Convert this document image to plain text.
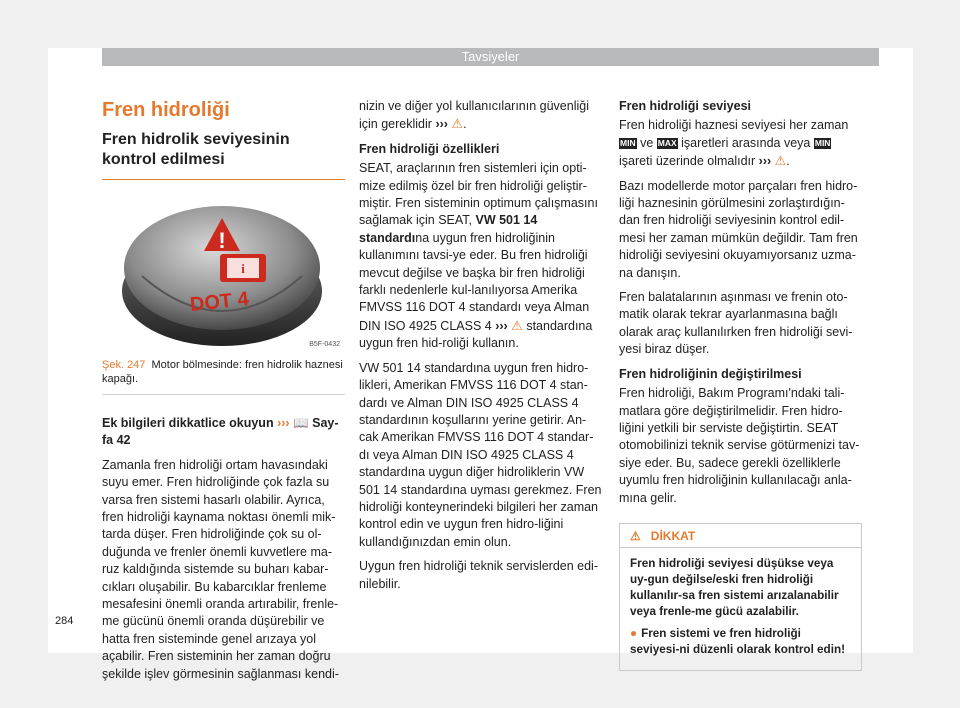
Tavsiyeler
Fren hidroliği
Fren hidrolik seviyesinin kontrol edilmesi
!
i
DOT 4
B5F-0432
Şek. 247 Motor bölmesinde: fren hidrolik haznesi kapağı.

Ek bilgileri dikkatlice okuyun ››› 📖 Say-fa 42

Zamanla fren hidroliği ortam havasındaki suyu emer. Fren hidroliğinde çok fazla su varsa fren sistemi hasarlı olabilir. Ayrıca, fren hidroliği kaynama noktası önemli mik-tarda düşer. Fren hidroliğinde çok su ol-duğunda ve frenler önemli kuvvetlere ma-ruz kaldığında sistemde su buharı kabar-cıkları oluşabilir. Bu kabarcıklar frenleme mesafesini önemli oranda artırabilir, frenle-me gücünü önemli oranda düşürebilir ve hatta fren sisteminde genel arızaya yol açabilir. Fren sisteminin her zaman doğru şekilde işlev görmesinin sağlanması kendi-

nizin ve diğer yol kullanıcılarının güvenliği için gereklidir ››› ⚠.

Fren hidroliği özellikleri

SEAT, araçlarının fren sistemleri için opti-mize edilmiş özel bir fren hidroliği geliştir-miştir. Fren sisteminin optimum çalışmasını sağlamak için SEAT, VW 501 14 standardına uygun fren hidroliğinin kullanımını tavsi-ye eder. Bu fren hidroliği mevcut değilse ve başka bir fren hidroliği farklı nedenlerle kul-lanılıyorsa Amerika FMVSS 116 DOT 4 standardı veya Alman DIN ISO 4925 CLASS 4 ››› ⚠ standardına uygun fren hid-roliği kullanın.

VW 501 14 standardına uygun fren hidro-likleri, Amerikan FMVSS 116 DOT 4 stan-dardı ve Alman DIN ISO 4925 CLASS 4 standardının koşullarını yerine getirir. An-cak Amerikan FMVSS 116 DOT 4 standar-dı veya Alman DIN ISO 4925 CLASS 4 standardına uygun diğer hidroliklerin VW 501 14 standardına uyması gerekmez. Fren hidroliği konteynerindeki bilgileri her zaman kontrol edin ve uygun fren hidro-liğini kullandığınızdan emin olun.

Uygun fren hidroliği teknik servislerden edi-nilebilir.

Fren hidroliği seviyesi

Fren hidroliği haznesi seviyesi her zaman MIN ve MAX işaretleri arasında veya MIN işareti üzerinde olmalıdır ››› ⚠.

Bazı modellerde motor parçaları fren hidro-liği haznesinin görülmesini zorlaştırdığın-dan fren hidroliği seviyesinin kontrol edil-mesi her zaman mümkün değildir. Tam fren hidroliği seviyesini okuyamıyorsanız uzma-na danışın.

Fren balatalarının aşınması ve frenin oto-matik olarak tekrar ayarlanmasına bağlı olarak araç kullanılırken fren hidroliği sevi-yesi biraz düşer.

Fren hidroliğinin değiştirilmesi

Fren hidroliği, Bakım Programı'ndaki tali-matlara göre değiştirilmelidir. Fren hidro-liğini yetkili bir serviste değiştirtin. SEAT otomobilinizi teknik servise götürmenizi tav-siye eder. Bu, sadece gerekli özelliklerle uyumlu fren hidroliğinin kullanılacağı anla-mına gelir.

⚠ DİKKAT

Fren hidroliği seviyesi düşükse veya uy-gun değilse/eski fren hidroliği kullanılır-sa fren sistemi arızalanabilir veya frenle-me gücü azalabilir.

● Fren sistemi ve fren hidroliği seviyesi-ni düzenli olarak kontrol edin!

284
